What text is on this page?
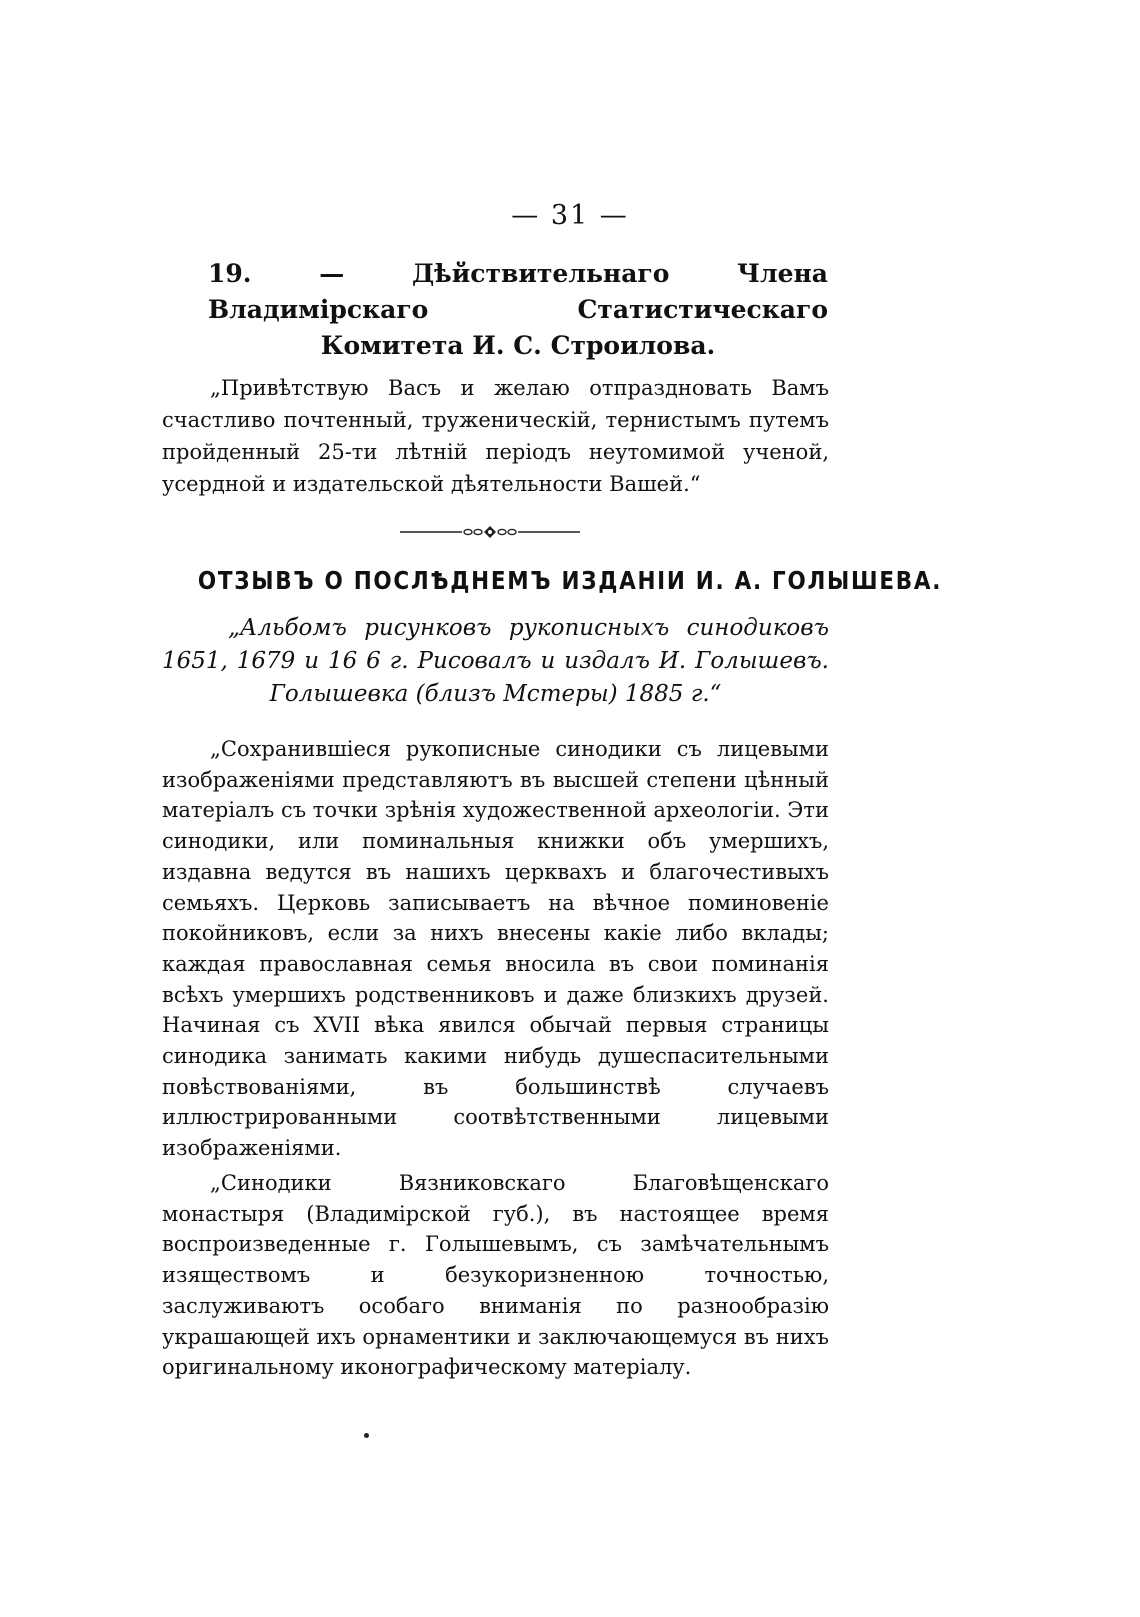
— 31 —

19. — Дѣйствительнаго Члена Владимірскаго Статистическаго Комитета И. С. Строилова.

„Привѣтствую Васъ и желаю отпраздновать Вамъ счастливо почтенный, труженическій, тернистымъ путемъ пройденный 25-ти лѣтній періодъ неутомимой ученой, усердной и издательской дѣятельности Вашей.“

ОТЗЫВЪ О ПОСЛѢДНЕМЪ ИЗДАНІИ И. А. ГОЛЫШЕВА.

„Альбомъ рисунковъ рукописныхъ синодиковъ 1651, 1679 и 16 6 г. Рисовалъ и издалъ И. Голышевъ. Голышевка (близъ Мстеры) 1885 г.“

„Сохранившіеся рукописные синодики съ лицевыми изображеніями представляютъ въ высшей степени цѣнный матеріалъ съ точки зрѣнія художественной археологіи. Эти синодики, или поминальныя книжки объ умершихъ, издавна ведутся въ нашихъ церквахъ и благочестивыхъ семьяхъ. Церковь записываетъ на вѣчное поминовеніе покойниковъ, если за нихъ внесены какіе либо вклады; каждая православная семья вносила въ свои поминанія всѣхъ умершихъ родственниковъ и даже близкихъ друзей. Начиная съ XVII вѣка явился обычай первыя страницы синодика занимать какими нибудь душеспасительными повѣствованіями, въ большинствѣ случаевъ иллюстрированными соотвѣтственными лицевыми изображеніями.

„Синодики Вязниковскаго Благовѣщенскаго монастыря (Владимірской губ.), въ настоящее время воспроизведенные г. Голышевымъ, съ замѣчательнымъ изяществомъ и безукоризненною точностью, заслуживаютъ особаго вниманія по разнообразію украшающей ихъ орнаментики и заключающемуся въ нихъ оригинальному иконографическому матеріалу.
